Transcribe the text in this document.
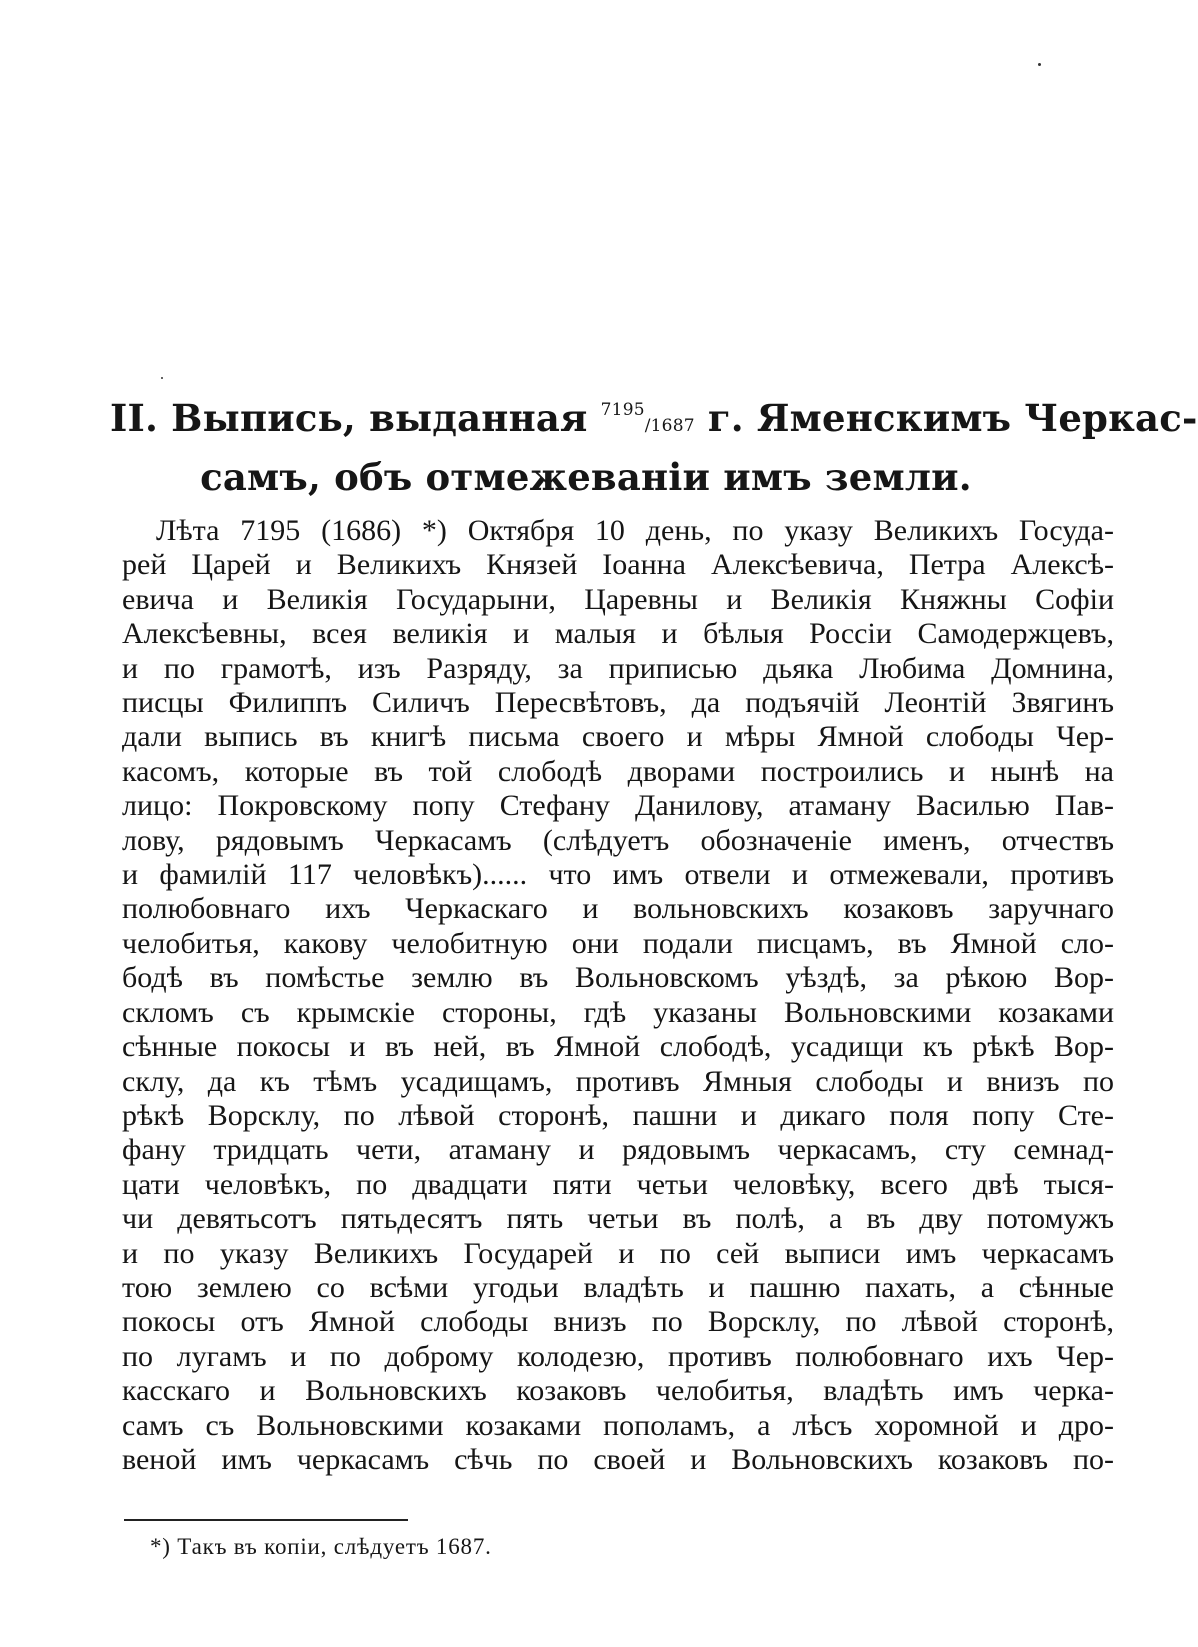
II. Выпись, выданная $^{7195}$/1687 г. Яменскимъ Черкас-
самъ, объ отмежеваніи имъ земли.
Лѣта 7195 (1686) *) Октября 10 день, по указу Великихъ Госуда-
рей Царей и Великихъ Князей Іоанна Алексѣевича, Петра Алексѣ-
евича и Великія Государыни, Царевны и Великія Княжны Софіи
Алексѣевны, всея великія и малыя и бѣлыя Россіи Самодержцевъ,
и по грамотѣ, изъ Разряду, за приписью дьяка Любима Домнина,
писцы Филиппъ Силичъ Пересвѣтовъ, да подъячій Леонтій Звягинъ
дали выпись въ книгѣ письма своего и мѣры Ямной слободы Чер-
касомъ, которые въ той слободѣ дворами построились и нынѣ на
лицо: Покровскому попу Стефану Данилову, атаману Василью Пав-
лову, рядовымъ Черкасамъ (слѣдуетъ обозначеніе именъ, отчествъ
и фамилій 117 человѣкъ)...... что имъ отвели и отмежевали, противъ
полюбовнаго ихъ Черкаскаго и вольновскихъ козаковъ заручнаго
челобитья, какову челобитную они подали писцамъ, въ Ямной сло-
бодѣ въ помѣстье землю въ Вольновскомъ уѣздѣ, за рѣкою Вор-
скломъ съ крымскіе стороны, гдѣ указаны Вольновскими козаками
сѣнные покосы и въ ней, въ Ямной слободѣ, усадищи къ рѣкѣ Вор-
склу, да къ тѣмъ усадищамъ, противъ Ямныя слободы и внизъ по
рѣкѣ Ворсклу, по лѣвой сторонѣ, пашни и дикаго поля попу Сте-
фану тридцать чети, атаману и рядовымъ черкасамъ, сту семнад-
цати человѣкъ, по двадцати пяти четьи человѣку, всего двѣ тыся-
чи девятьсотъ пятьдесятъ пять четьи въ полѣ, а въ дву потомужъ
и по указу Великихъ Государей и по сей выписи имъ черкасамъ
тою землею со всѣми угодьи владѣть и пашню пахать, а сѣнные
покосы отъ Ямной слободы внизъ по Ворсклу, по лѣвой сторонѣ,
по лугамъ и по доброму колодезю, противъ полюбовнаго ихъ Чер-
касскаго и Вольновскихъ козаковъ челобитья, владѣть имъ черка-
самъ съ Вольновскими козаками пополамъ, а лѣсъ хоромной и дро-
веной имъ черкасамъ сѣчь по своей и Вольновскихъ козаковъ по-
*) Такъ въ копіи, слѣдуетъ 1687.
